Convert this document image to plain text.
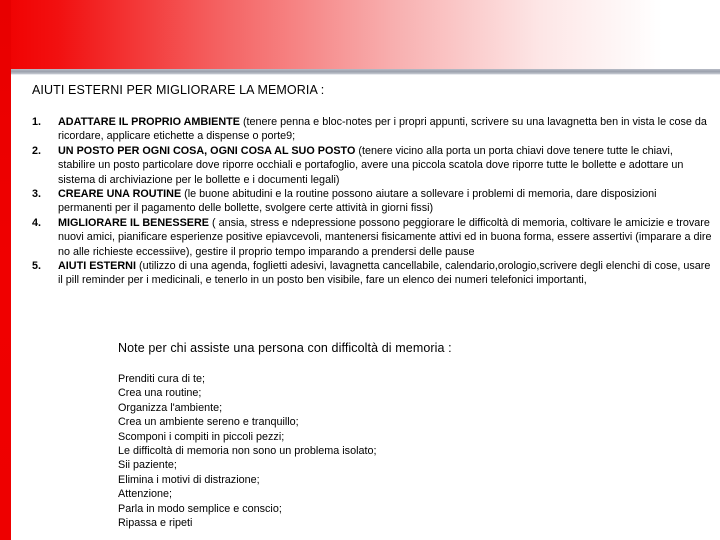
AIUTI ESTERNI PER MIGLIORARE LA MEMORIA :

1. ADATTARE IL PROPRIO AMBIENTE (tenere penna e bloc-notes per i propri appunti, scrivere su una lavagnetta ben in vista le cose da ricordare, applicare etichette a dispense o porte9;

2. UN POSTO PER OGNI COSA, OGNI COSA AL SUO POSTO (tenere vicino alla porta un porta chiavi dove tenere tutte le chiavi, stabilire un posto particolare dove riporre occhiali e portafoglio, avere una piccola scatola dove riporre tutte le bollette e adottare un sistema di archiviazione per le bollette e i documenti legali)

3. CREARE UNA ROUTINE (le buone abitudini e la routine possono aiutare a sollevare i problemi di memoria, dare disposizioni permanenti per il pagamento delle bollette, svolgere certe attività in giorni fissi)

4. MIGLIORARE IL BENESSERE ( ansia, stress e ndepressione possono peggiorare le difficoltà di memoria, coltivare le amicizie e trovare nuovi amici, pianificare esperienze positive epiavcevoli, mantenersi fisicamente attivi ed in buona forma, essere assertivi (imparare a dire no alle richieste eccessiive), gestire il proprio tempo imparando a prendersi delle pause

5. AIUTI ESTERNI (utilizzo di una agenda, foglietti adesivi, lavagnetta cancellabile, calendario,orologio,scrivere degli elenchi di cose, usare il pill reminder per i medicinali, e tenerlo in un posto ben visibile, fare un elenco dei numeri telefonici importanti,

Note per chi assiste una persona con difficoltà di memoria :
Prenditi cura di te;
Crea una routine;
Organizza l'ambiente;
Crea un ambiente sereno e tranquillo;
Scomponi i compiti in piccoli pezzi;
Le difficoltà di memoria non sono un problema isolato;
Sii paziente;
Elimina i motivi di distrazione;
Attenzione;
Parla in modo semplice e conscio;
Ripassa e ripeti
